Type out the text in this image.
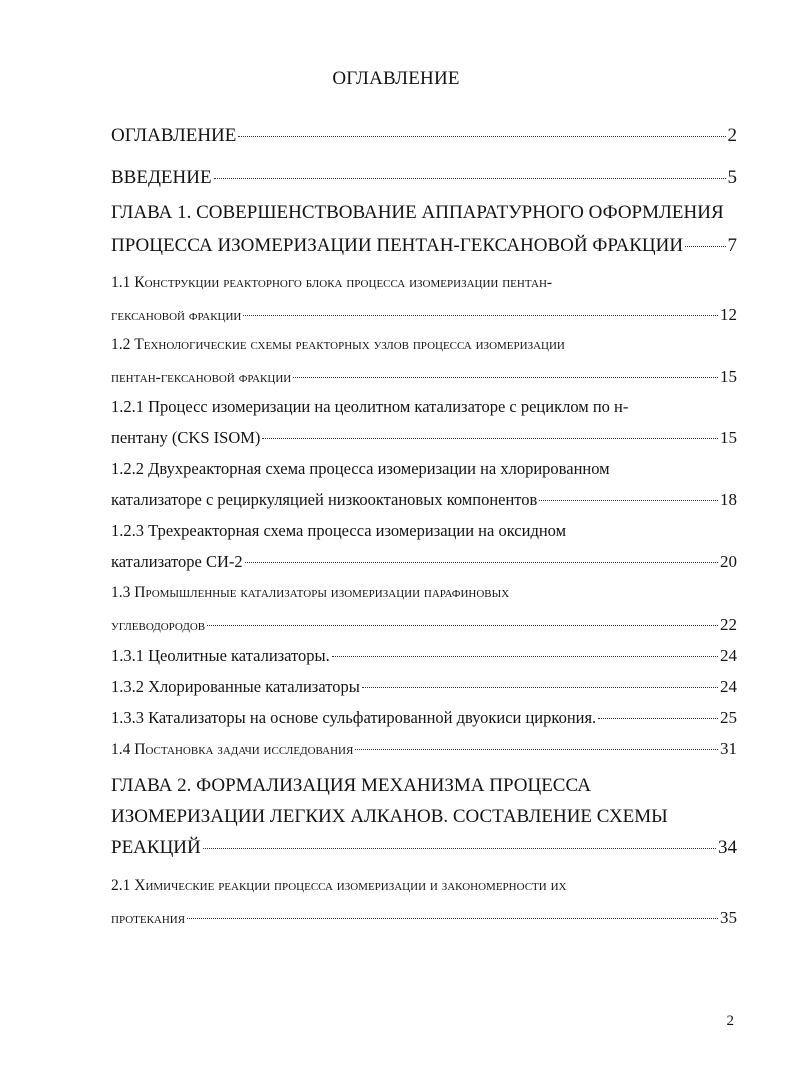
ОГЛАВЛЕНИЕ
ОГЛАВЛЕНИЕ	2
ВВЕДЕНИЕ	5
ГЛАВА 1. СОВЕРШЕНСТВОВАНИЕ АППАРАТУРНОГО ОФОРМЛЕНИЯ
ПРОЦЕССА ИЗОМЕРИЗАЦИИ ПЕНТАН-ГЕКСАНОВОЙ ФРАКЦИИ 7
1.1 Конструкции реакторного блока процесса изомеризации пентан-
гексановой фракции	12
1.2 Технологические схемы реакторных узлов процесса изомеризации
пентан-гексановой фракции	15
1.2.1 Процесс изомеризации на цеолитном катализаторе с рециклом по н-
пентану (CKS ISOM)	15
1.2.2 Двухреакторная схема процесса изомеризации на хлорированном
катализаторе с рециркуляцией низкооктановых компонентов	18
1.2.3 Трехреакторная схема процесса изомеризации на оксидном
катализаторе СИ-2	20
1.3 Промышленные катализаторы изомеризации парафиновых
углеводородов	22
1.3.1 Цеолитные катализаторы.	24
1.3.2 Хлорированные катализаторы	24
1.3.3 Катализаторы на основе сульфатированной двуокиси циркония.	25
1.4 Постановка задачи исследования	31
ГЛАВА 2. ФОРМАЛИЗАЦИЯ МЕХАНИЗМА ПРОЦЕССА
ИЗОМЕРИЗАЦИИ ЛЕГКИХ АЛКАНОВ. СОСТАВЛЕНИЕ СХЕМЫ
РЕАКЦИЙ	34
2.1 Химические реакции процесса изомеризации и закономерности их
протекания	35
2
